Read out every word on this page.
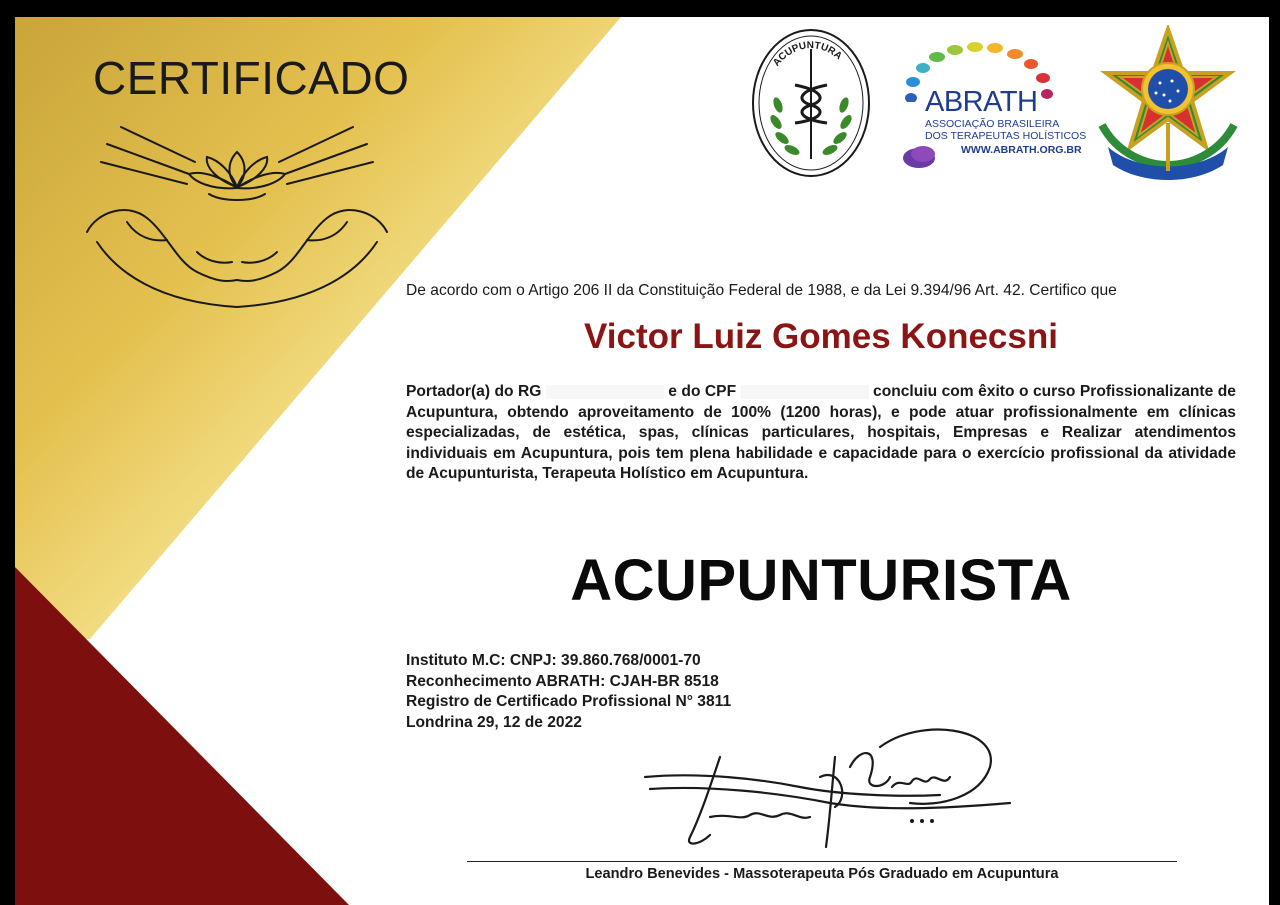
CERTIFICADO	ACUPUNTURA
ABRATH
ASSOCIAÇÃO BRASILEIRA
DOS TERAPEUTAS HOLÍSTICOS
WWW.ABRATH.ORG.BR
De acordo com o Artigo 206 II da Constituição Federal de 1988, e da Lei 9.394/96 Art. 42. Certifico que
Victor Luiz Gomes Konecsni
Portador(a) do RG	e do CPF	concluiu com êxito o curso Profissionalizante de Acupuntura, obtendo aproveitamento de 100% (1200 horas), e pode atuar profissionalmente em clínicas especializadas, de estética, spas, clínicas particulares, hospitais, Empresas e Realizar atendimentos individuais em Acupuntura, pois tem plena habilidade e capacidade para o exercício profissional da atividade de Acupunturista, Terapeuta Holístico em Acupuntura.
ACUPUNTURISTA
Instituto M.C: CNPJ: 39.860.768/0001-70
Reconhecimento ABRATH: CJAH-BR 8518
Registro de Certificado Profissional N° 3811
Londrina 29, 12 de 2022
Leandro Benevides - Massoterapeuta Pós Graduado em Acupuntura
